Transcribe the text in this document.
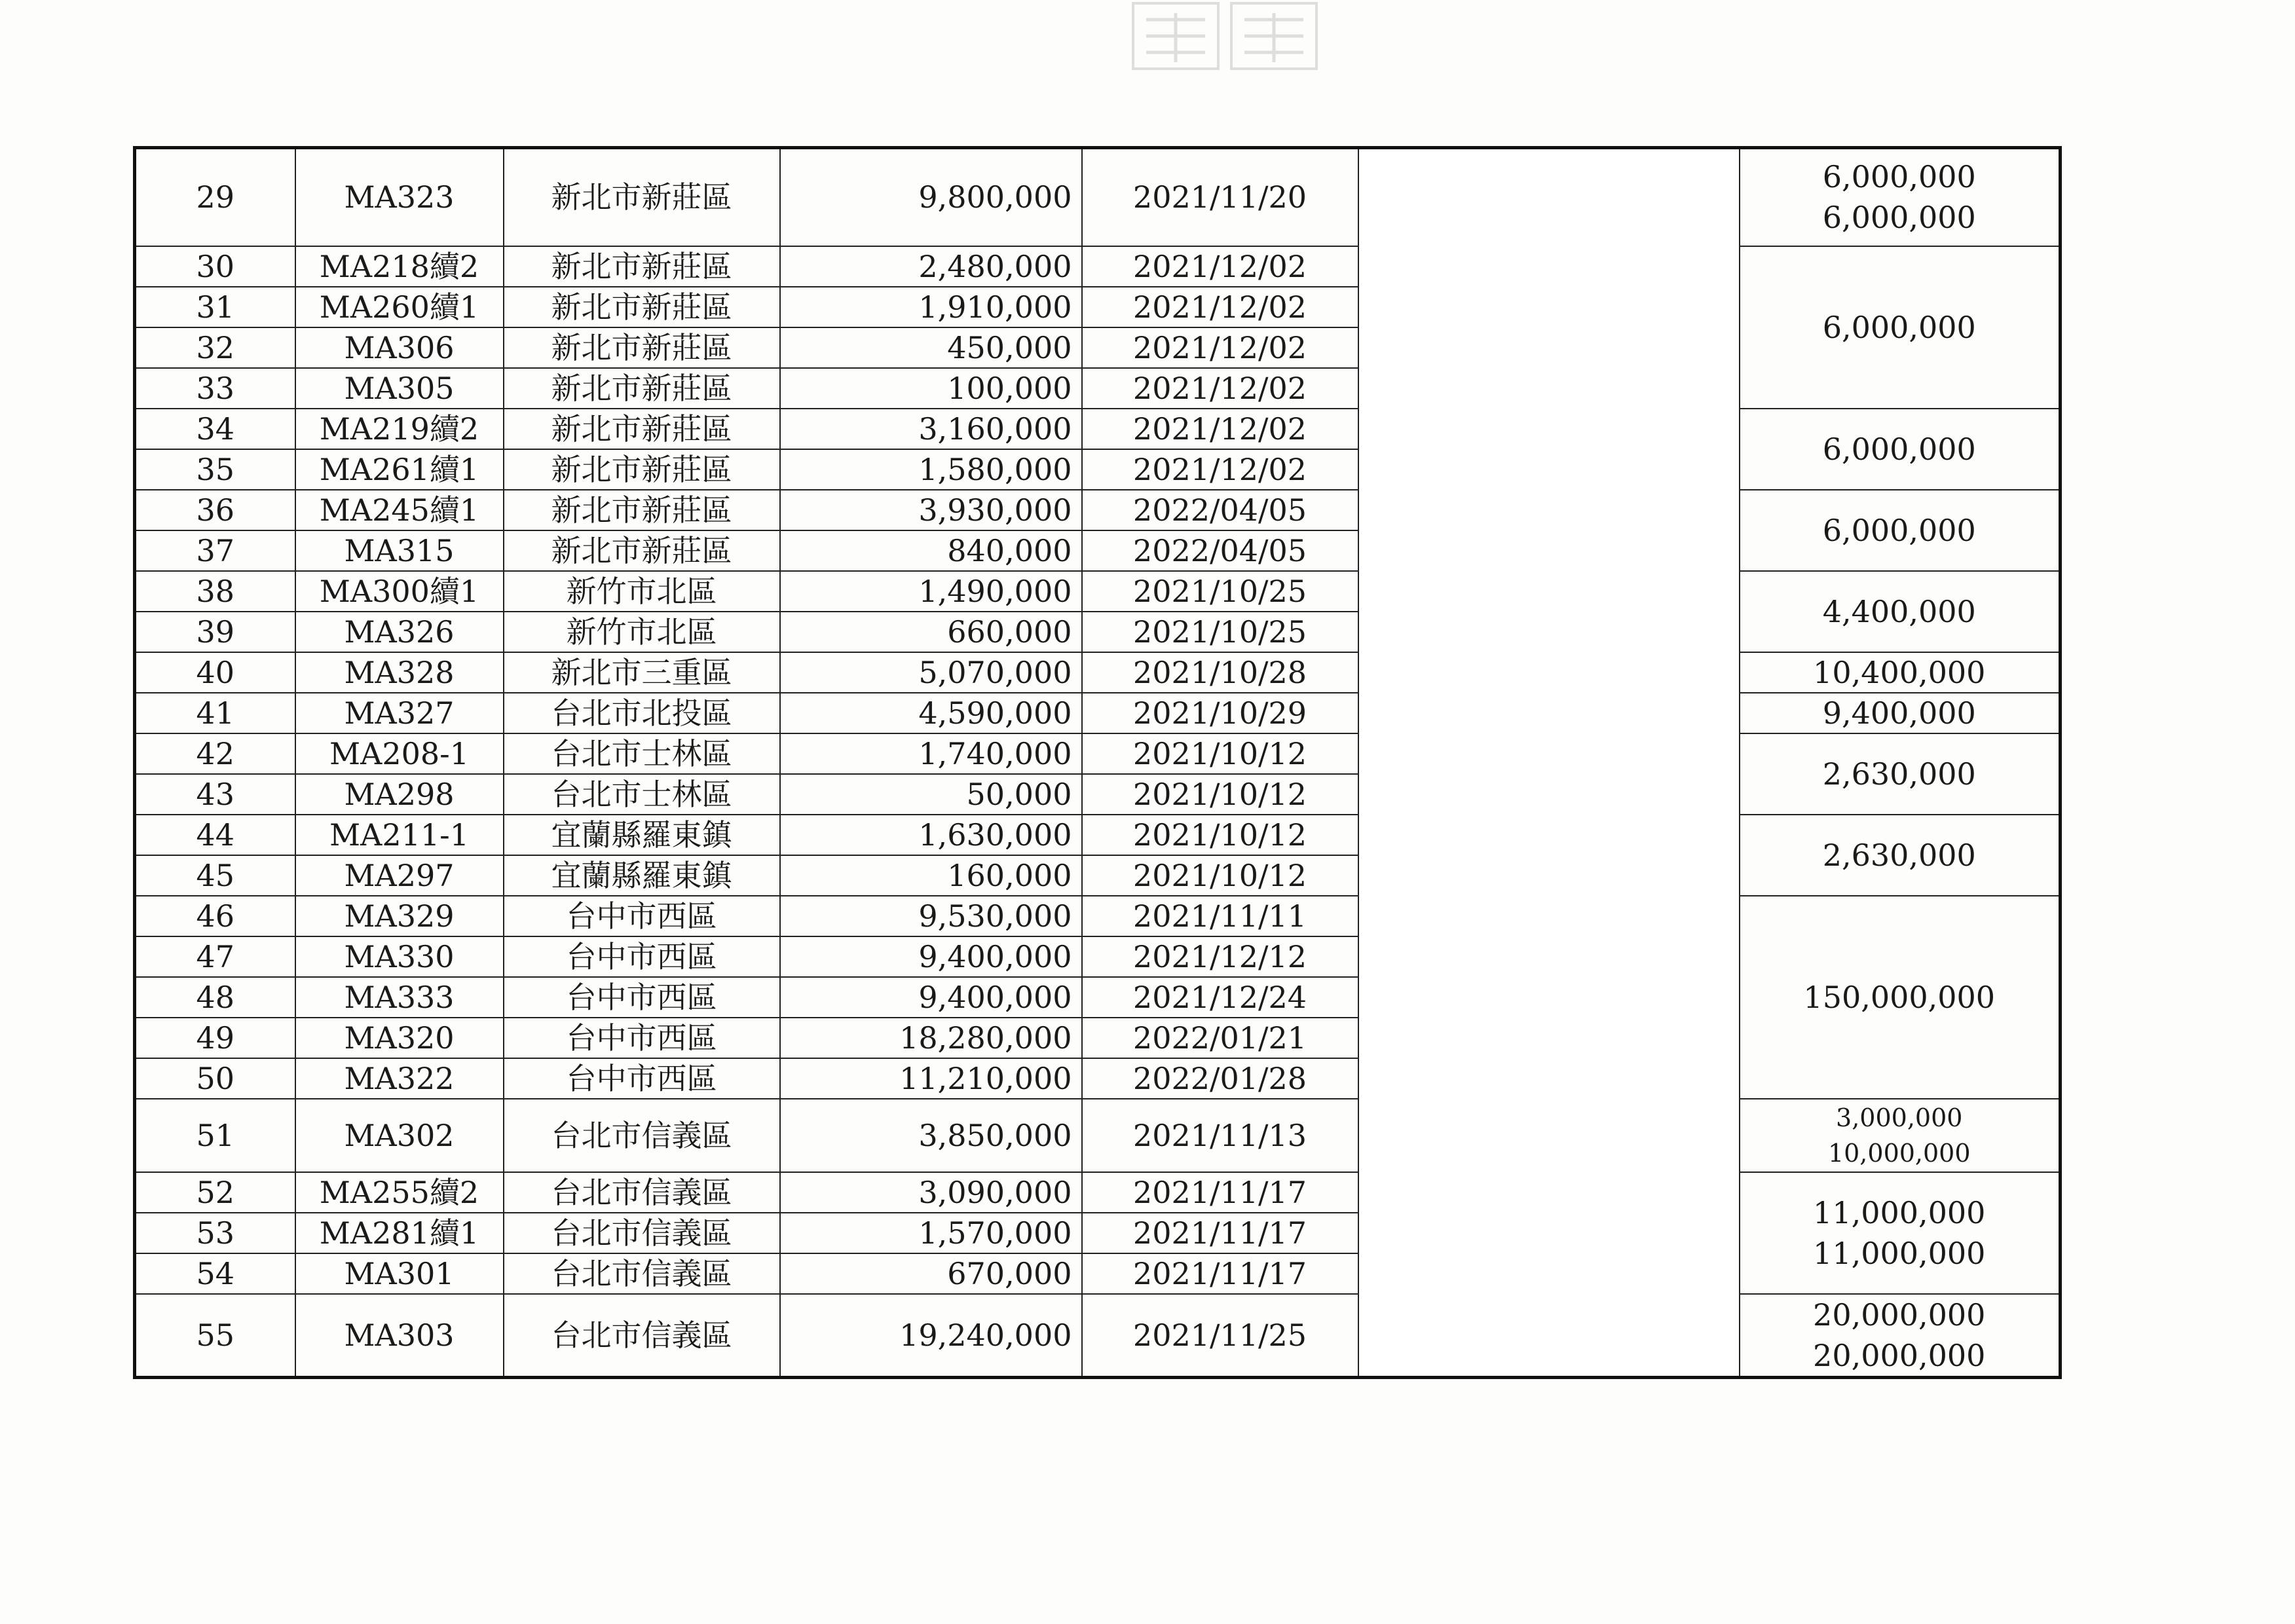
29	MA323	新北市新莊區	9,800,000	2021/11/20		6,000,000
6,000,000

30	MA218續2	新北市新莊區	2,480,000	2021/12/02		6,000,000

31	MA260續1	新北市新莊區	1,910,000	2021/12/02		
32	MA306	新北市新莊區	450,000	2021/12/02		
33	MA305	新北市新莊區	100,000	2021/12/02		
34	MA219續2	新北市新莊區	3,160,000	2021/12/02		6,000,000

35	MA261續1	新北市新莊區	1,580,000	2021/12/02		
36	MA245續1	新北市新莊區	3,930,000	2022/04/05		6,000,000

37	MA315	新北市新莊區	840,000	2022/04/05		
38	MA300續1	新竹市北區	1,490,000	2021/10/25		4,400,000

39	MA326	新竹市北區	660,000	2021/10/25		
40	MA328	新北市三重區	5,070,000	2021/10/28		10,400,000

41	MA327	台北市北投區	4,590,000	2021/10/29		9,400,000

42	MA208-1	台北市士林區	1,740,000	2021/10/12		2,630,000

43	MA298	台北市士林區	50,000	2021/10/12		
44	MA211-1	宜蘭縣羅東鎮	1,630,000	2021/10/12		2,630,000

45	MA297	宜蘭縣羅東鎮	160,000	2021/10/12		
46	MA329	台中市西區	9,530,000	2021/11/11		150,000,000

47	MA330	台中市西區	9,400,000	2021/12/12		
48	MA333	台中市西區	9,400,000	2021/12/24		
49	MA320	台中市西區	18,280,000	2022/01/21		
50	MA322	台中市西區	11,210,000	2022/01/28		
51	MA302	台北市信義區	3,850,000	2021/11/13		3,000,000
10,000,000

52	MA255續2	台北市信義區	3,090,000	2021/11/17		11,000,000
11,000,000

53	MA281續1	台北市信義區	1,570,000	2021/11/17		
54	MA301	台北市信義區	670,000	2021/11/17		
55	MA303	台北市信義區	19,240,000	2021/11/25		20,000,000
20,000,000
